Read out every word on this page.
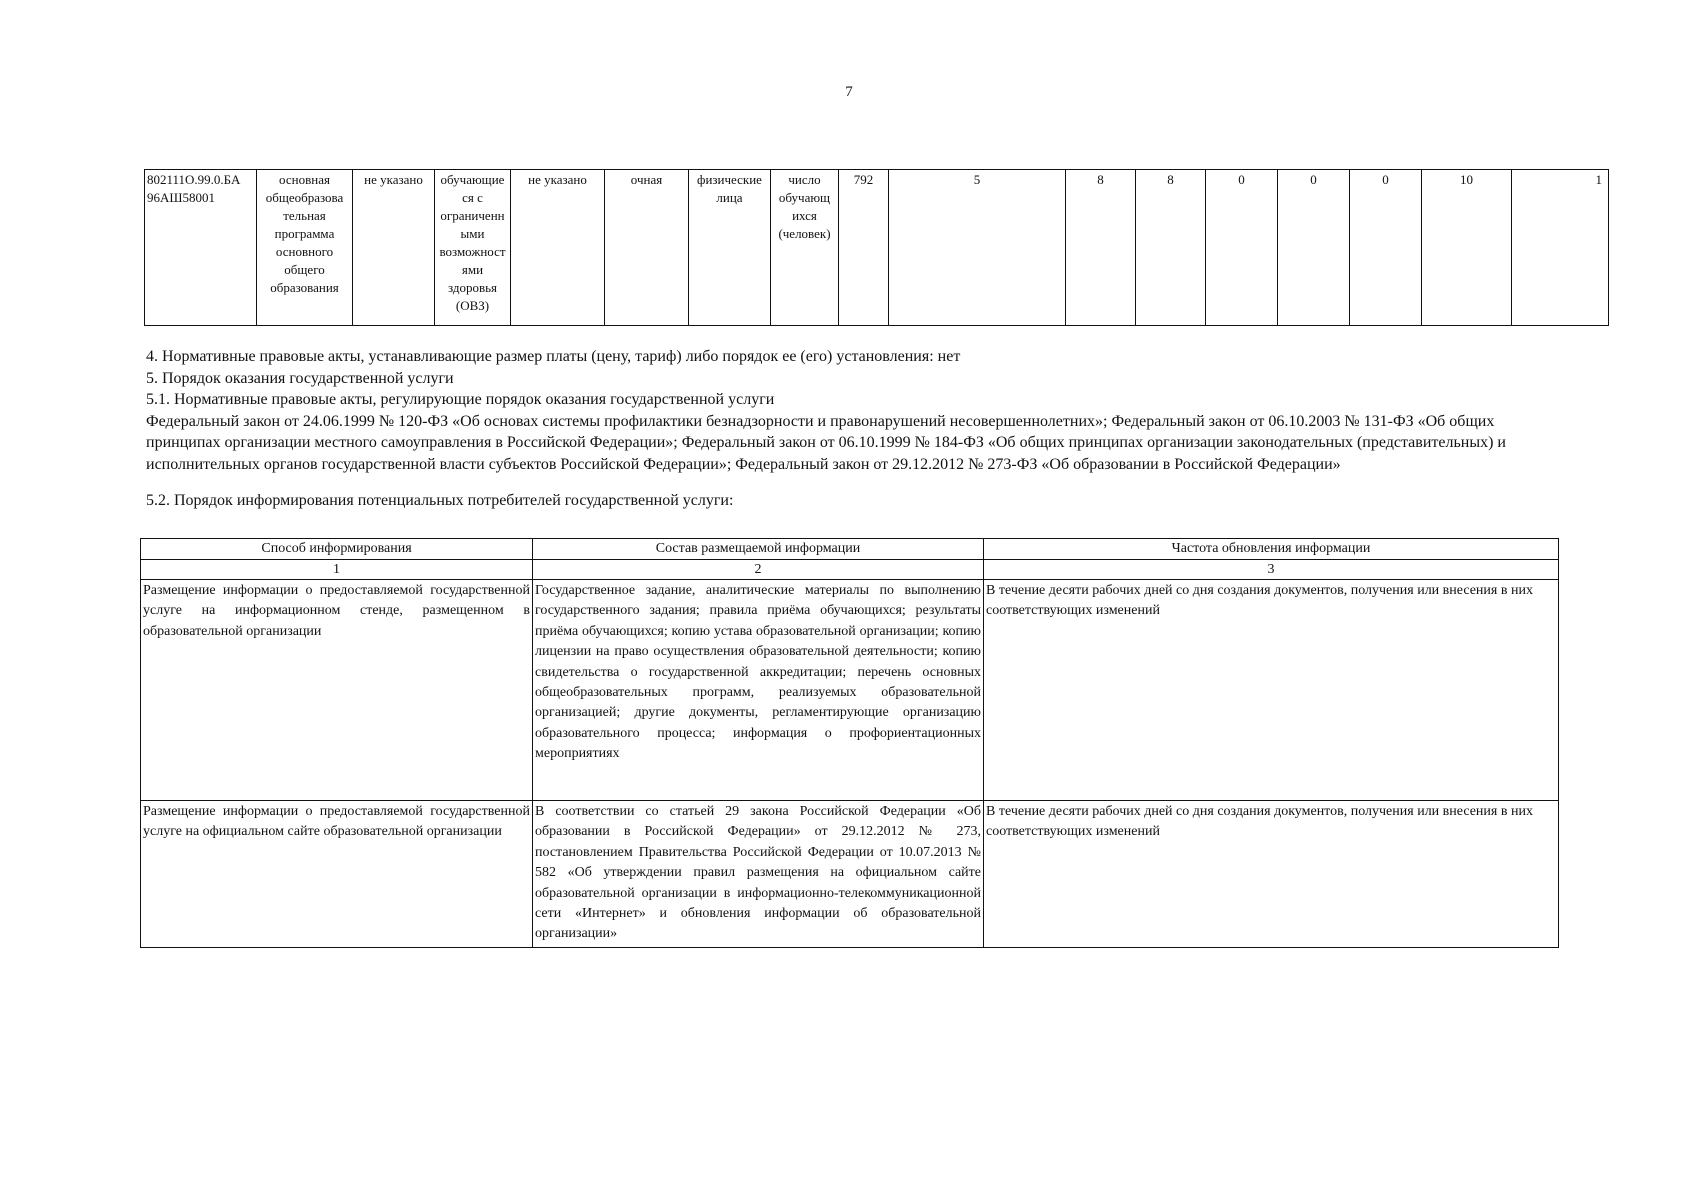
7
802111О.99.0.БА
96АШ58001	основная
общеобразова
тельная
программа
основного
общего
образования	не указано	обучающие
ся с
ограниченн
ыми
возможност
ями
здоровья
(ОВЗ)	не указано	очная	физические
лица	число
обучающ
ихся
(человек)	792	5	8	8	0	0	0	10	1

4. Нормативные правовые акты, устанавливающие размер платы (цену, тариф) либо порядок ее (его) установления: нет

5. Порядок оказания государственной услуги

5.1. Нормативные правовые акты, регулирующие порядок оказания государственной услуги

Федеральный закон от 24.06.1999 № 120-ФЗ «Об основах системы профилактики безнадзорности и правонарушений несовершеннолетних»; Федеральный закон от 06.10.2003 № 131-ФЗ «Об общих принципах организации местного самоуправления в Российской Федерации»; Федеральный закон от 06.10.1999 № 184-ФЗ «Об общих принципах организации законодательных (представительных) и исполнительных органов государственной власти субъектов Российской Федерации»; Федеральный закон от 29.12.2012 № 273-ФЗ «Об образовании в Российской Федерации»

5.2. Порядок информирования потенциальных потребителей государственной услуги:

Способ информирования	Состав размещаемой информации	Частота обновления информации
1	2	3
Размещение информации о предоставляемой государственной услуге на информационном стенде, размещенном в образовательной организации	Государственное задание, аналитические материалы по выполнению государственного задания; правила приёма обучающихся; результаты приёма обучающихся; копию устава образовательной организации; копию лицензии на право осуществления образовательной деятельности; копию свидетельства о государственной аккредитации; перечень основных общеобразовательных программ, реализуемых образовательной организацией; другие документы, регламентирующие организацию образовательного процесса; информация о профориентационных мероприятиях	В течение десяти рабочих дней со дня создания документов, получения или внесения в них соответствующих изменений
Размещение информации о предоставляемой государственной услуге на официальном сайте образовательной организации	В соответствии со статьей 29 закона Российской Федерации «Об образовании в Российской Федерации» от 29.12.2012 № 273, постановлением Правительства Российской Федерации от 10.07.2013 № 582 «Об утверждении правил размещения на официальном сайте образовательной организации в информационно-телекоммуникационной сети «Интернет» и обновления информации об образовательной организации»	В течение десяти рабочих дней со дня создания документов, получения или внесения в них соответствующих изменений
